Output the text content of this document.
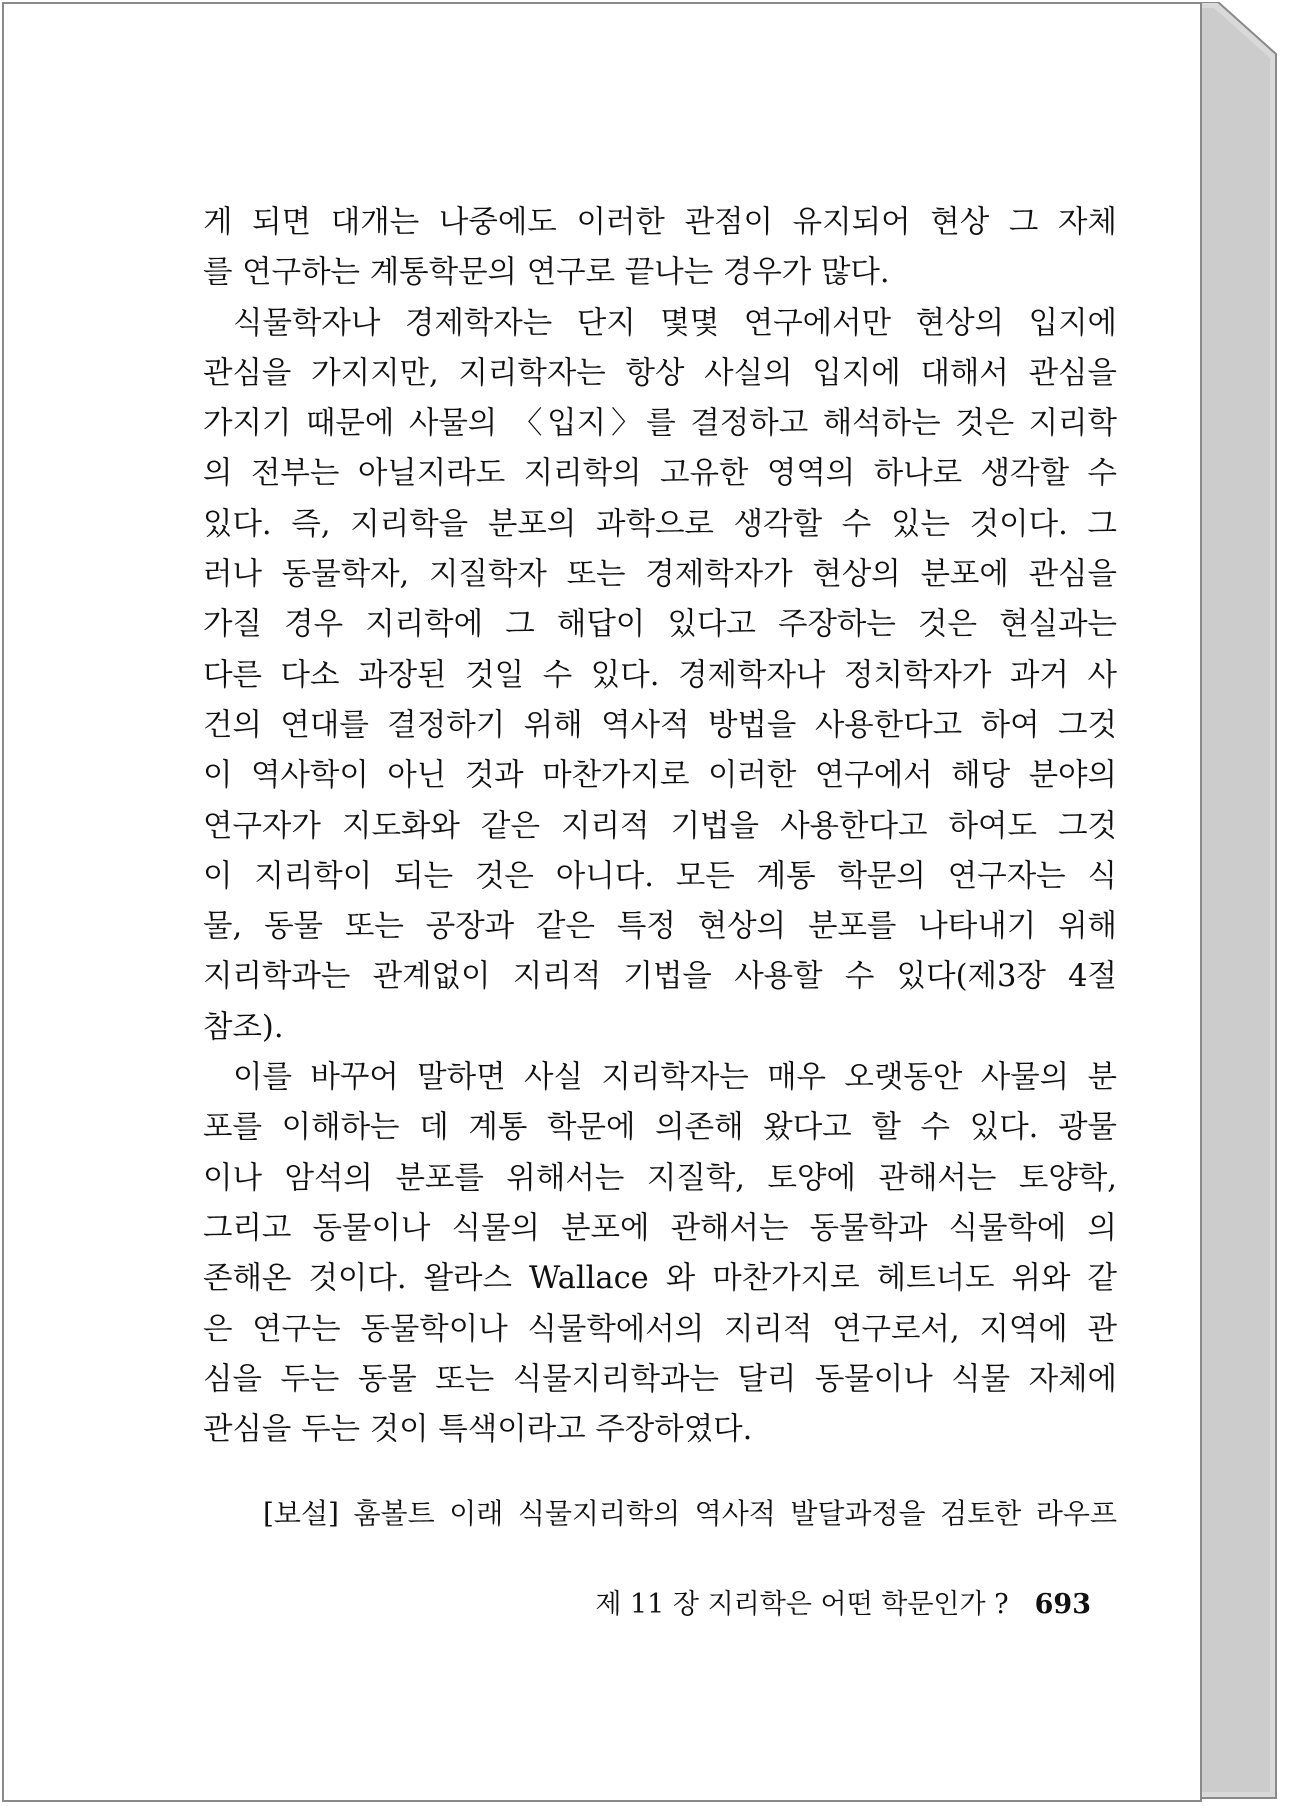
게 되면 대개는 나중에도 이러한 관점이 유지되어 현상 그 자체
를 연구하는 계통학문의 연구로 끝나는 경우가 많다.
식물학자나 경제학자는 단지 몇몇 연구에서만 현상의 입지에
관심을 가지지만, 지리학자는 항상 사실의 입지에 대해서 관심을
가지기 때문에 사물의 〈입지〉를 결정하고 해석하는 것은 지리학
의 전부는 아닐지라도 지리학의 고유한 영역의 하나로 생각할 수
있다. 즉, 지리학을 분포의 과학으로 생각할 수 있는 것이다. 그
러나 동물학자, 지질학자 또는 경제학자가 현상의 분포에 관심을
가질 경우 지리학에 그 해답이 있다고 주장하는 것은 현실과는
다른 다소 과장된 것일 수 있다. 경제학자나 정치학자가 과거 사
건의 연대를 결정하기 위해 역사적 방법을 사용한다고 하여 그것
이 역사학이 아닌 것과 마찬가지로 이러한 연구에서 해당 분야의
연구자가 지도화와 같은 지리적 기법을 사용한다고 하여도 그것
이 지리학이 되는 것은 아니다. 모든 계통 학문의 연구자는 식
물, 동물 또는 공장과 같은 특정 현상의 분포를 나타내기 위해
지리학과는 관계없이 지리적 기법을 사용할 수 있다(제3장 4절
참조).
이를 바꾸어 말하면 사실 지리학자는 매우 오랫동안 사물의 분
포를 이해하는 데 계통 학문에 의존해 왔다고 할 수 있다. 광물
이나 암석의 분포를 위해서는 지질학, 토양에 관해서는 토양학,
그리고 동물이나 식물의 분포에 관해서는 동물학과 식물학에 의
존해온 것이다. 왈라스 Wallace 와 마찬가지로 헤트너도 위와 같
은 연구는 동물학이나 식물학에서의 지리적 연구로서, 지역에 관
심을 두는 동물 또는 식물지리학과는 달리 동물이나 식물 자체에
관심을 두는 것이 특색이라고 주장하였다.
[보설] 훔볼트 이래 식물지리학의 역사적 발달과정을 검토한 라우프
제 11 장 지리학은 어떤 학문인가 ? 693
